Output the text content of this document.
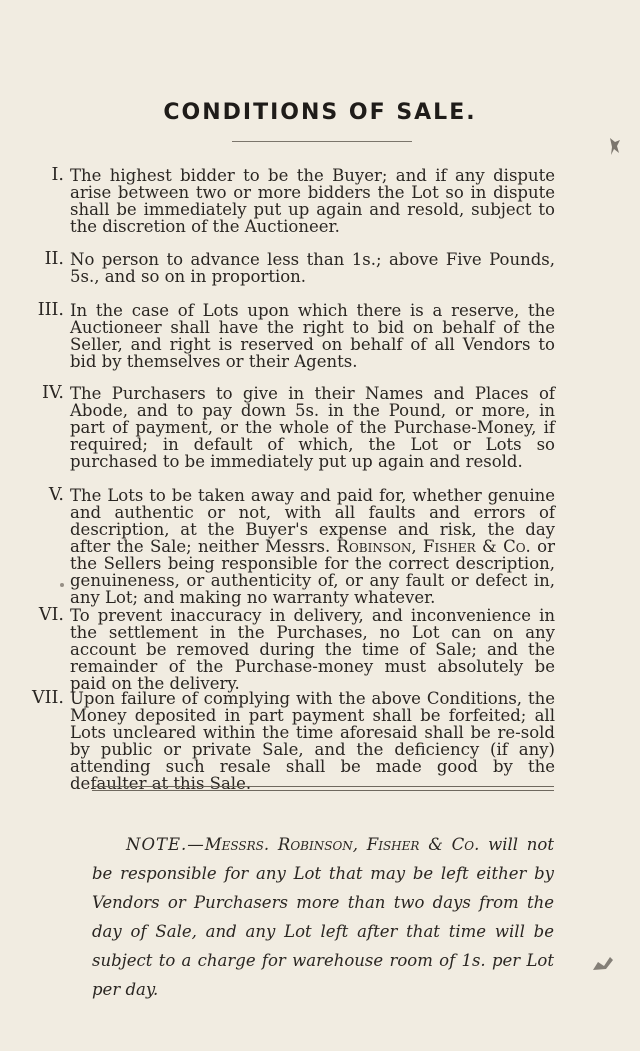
CONDITIONS OF SALE.
I. The highest bidder to be the Buyer; and if any dispute arise between two or more bidders the Lot so in dispute shall be immediately put up again and resold, subject to the discretion of the Auctioneer.
II. No person to advance less than 1s.; above Five Pounds, 5s., and so on in proportion.
III. In the case of Lots upon which there is a reserve, the Auctioneer shall have the right to bid on behalf of the Seller, and right is reserved on behalf of all Vendors to bid by themselves or their Agents.
IV. The Purchasers to give in their Names and Places of Abode, and to pay down 5s. in the Pound, or more, in part of payment, or the whole of the Purchase-Money, if required; in default of which, the Lot or Lots so purchased to be immediately put up again and resold.
V. The Lots to be taken away and paid for, whether genuine and authentic or not, with all faults and errors of description, at the Buyer's expense and risk, the day after the Sale; neither Messrs. Robinson, Fisher & Co. or the Sellers being responsible for the correct description, genuineness, or authenticity of, or any fault or defect in, any Lot; and making no warranty whatever.
VI. To prevent inaccuracy in delivery, and inconvenience in the settlement in the Purchases, no Lot can on any account be removed during the time of Sale; and the remainder of the Purchase-money must absolutely be paid on the delivery.
VII. Upon failure of complying with the above Conditions, the Money deposited in part payment shall be forfeited; all Lots uncleared within the time aforesaid shall be re-sold by public or private Sale, and the deficiency (if any) attending such resale shall be made good by the defaulter at this Sale.
NOTE.—Messrs. Robinson, Fisher & Co. will not be responsible for any Lot that may be left either by Vendors or Purchasers more than two days from the day of Sale, and any Lot left after that time will be subject to a charge for warehouse room of 1s. per Lot per day.
